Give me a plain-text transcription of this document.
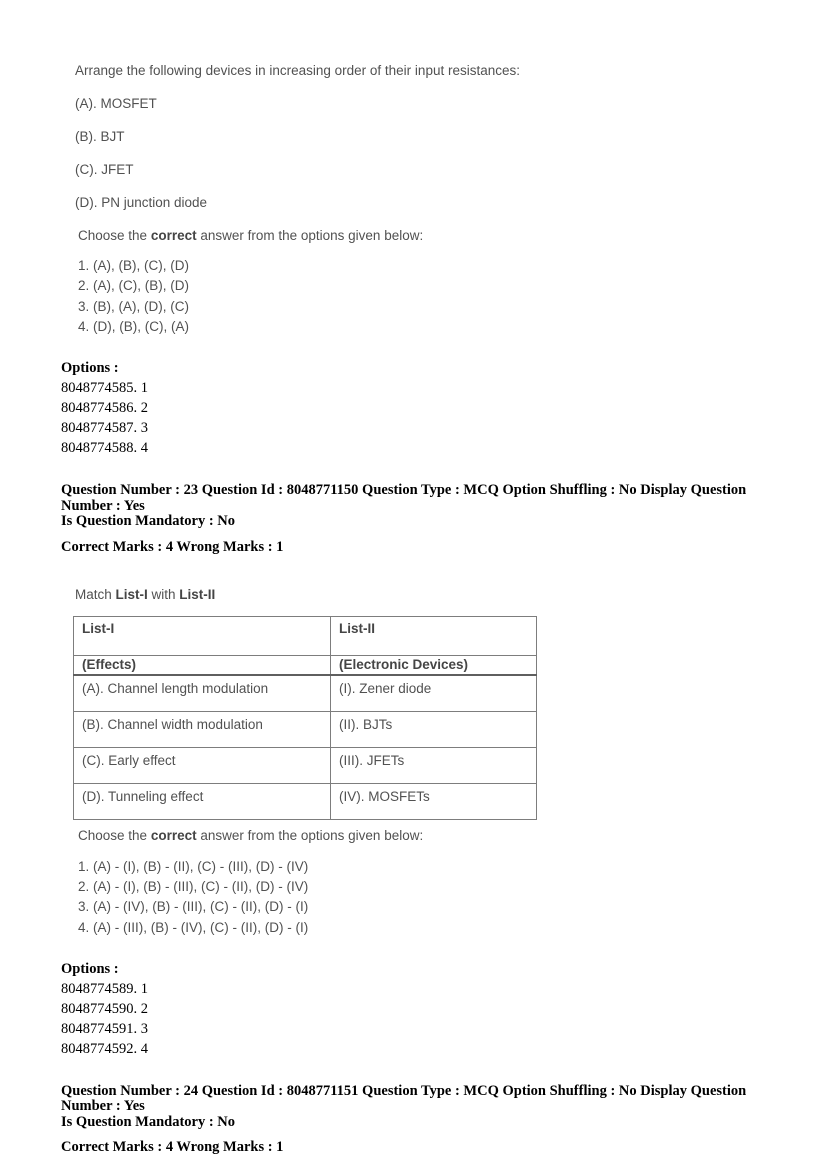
Arrange the following devices in increasing order of their input resistances:
(A). MOSFET
(B). BJT
(C). JFET
(D). PN junction diode
Choose the correct answer from the options given below:
1. (A), (B), (C), (D)
2. (A), (C), (B), (D)
3. (B), (A), (D), (C)
4. (D), (B), (C), (A)
Options :
8048774585. 1
8048774586. 2
8048774587. 3
8048774588. 4
Question Number : 23 Question Id : 8048771150 Question Type : MCQ Option Shuffling : No Display Question Number : Yes
Is Question Mandatory : No
Correct Marks : 4 Wrong Marks : 1
Match List-I with List-II
List-I	List-II
(Effects)	(Electronic Devices)
(A). Channel length modulation	(I). Zener diode
(B). Channel width modulation	(II). BJTs
(C). Early effect	(III). JFETs
(D). Tunneling effect	(IV). MOSFETs
Choose the correct answer from the options given below:
1. (A) - (I), (B) - (II), (C) - (III), (D) - (IV)
2. (A) - (I), (B) - (III), (C) - (II), (D) - (IV)
3. (A) - (IV), (B) - (III), (C) - (II), (D) - (I)
4. (A) - (III), (B) - (IV), (C) - (II), (D) - (I)
Options :
8048774589. 1
8048774590. 2
8048774591. 3
8048774592. 4
Question Number : 24 Question Id : 8048771151 Question Type : MCQ Option Shuffling : No Display Question Number : Yes
Is Question Mandatory : No
Correct Marks : 4 Wrong Marks : 1
